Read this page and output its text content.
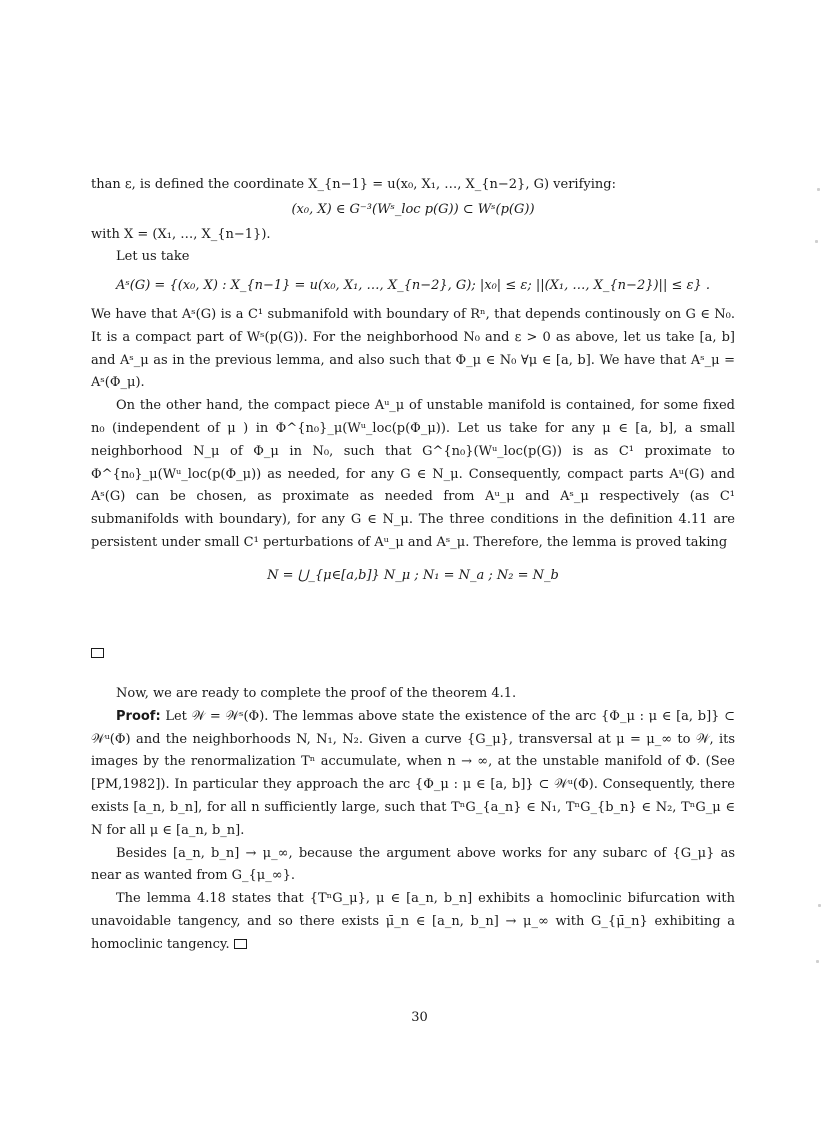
than ε, is defined the coordinate X_{n−1} = u(x₀, X₁, …, X_{n−2}, G) verifying:

(x₀, X) ∈ G⁻³(Wˢ_loc p(G)) ⊂ Wˢ(p(G))

with X = (X₁, …, X_{n−1}).

Let us take

Aˢ(G) = {(x₀, X) : X_{n−1} = u(x₀, X₁, …, X_{n−2}, G); |x₀| ≤ ε; ||(X₁, …, X_{n−2})|| ≤ ε} .

We have that Aˢ(G) is a C¹ submanifold with boundary of Rⁿ, that depends continously on G ∈ N₀. It is a compact part of Wˢ(p(G)). For the neighborhood N₀ and ε > 0 as above, let us take [a, b] and Aˢ_μ as in the previous lemma, and also such that Φ_μ ∈ N₀ ∀μ ∈ [a, b]. We have that Aˢ_μ = Aˢ(Φ_μ).

On the other hand, the compact piece Aᵘ_μ of unstable manifold is contained, for some fixed n₀ (independent of μ ) in Φ^{n₀}_μ(Wᵘ_loc(p(Φ_μ)). Let us take for any μ ∈ [a, b], a small neighborhood N_μ of Φ_μ in N₀, such that G^{n₀}(Wᵘ_loc(p(G)) is as C¹ proximate to Φ^{n₀}_μ(Wᵘ_loc(p(Φ_μ)) as needed, for any G ∈ N_μ. Consequently, compact parts Aᵘ(G) and Aˢ(G) can be chosen, as proximate as needed from Aᵘ_μ and Aˢ_μ respectively (as C¹ submanifolds with boundary), for any G ∈ N_μ. The three conditions in the definition 4.11 are persistent under small C¹ perturbations of Aᵘ_μ and Aˢ_μ. Therefore, the lemma is proved taking

N = ⋃_{μ∈[a,b]} N_μ ; N₁ = N_a ; N₂ = N_b

Now, we are ready to complete the proof of the theorem 4.1.

Proof: Let 𝒲 = 𝒲ˢ(Φ). The lemmas above state the existence of the arc {Φ_μ : μ ∈ [a, b]} ⊂ 𝒲ᵘ(Φ) and the neighborhoods N, N₁, N₂. Given a curve {G_μ}, transversal at μ = μ_∞ to 𝒲, its images by the renormalization Tⁿ accumulate, when n → ∞, at the unstable manifold of Φ. (See [PM,1982]). In particular they approach the arc {Φ_μ : μ ∈ [a, b]} ⊂ 𝒲ᵘ(Φ). Consequently, there exists [a_n, b_n], for all n sufficiently large, such that TⁿG_{a_n} ∈ N₁, TⁿG_{b_n} ∈ N₂, TⁿG_μ ∈ N for all μ ∈ [a_n, b_n].

Besides [a_n, b_n] → μ_∞, because the argument above works for any subarc of {G_μ} as near as wanted from G_{μ_∞}.

The lemma 4.18 states that {TⁿG_μ}, μ ∈ [a_n, b_n] exhibits a homoclinic bifurcation with unavoidable tangency, and so there exists μ̄_n ∈ [a_n, b_n] → μ_∞ with G_{μ̄_n} exhibiting a homoclinic tangency.

30
